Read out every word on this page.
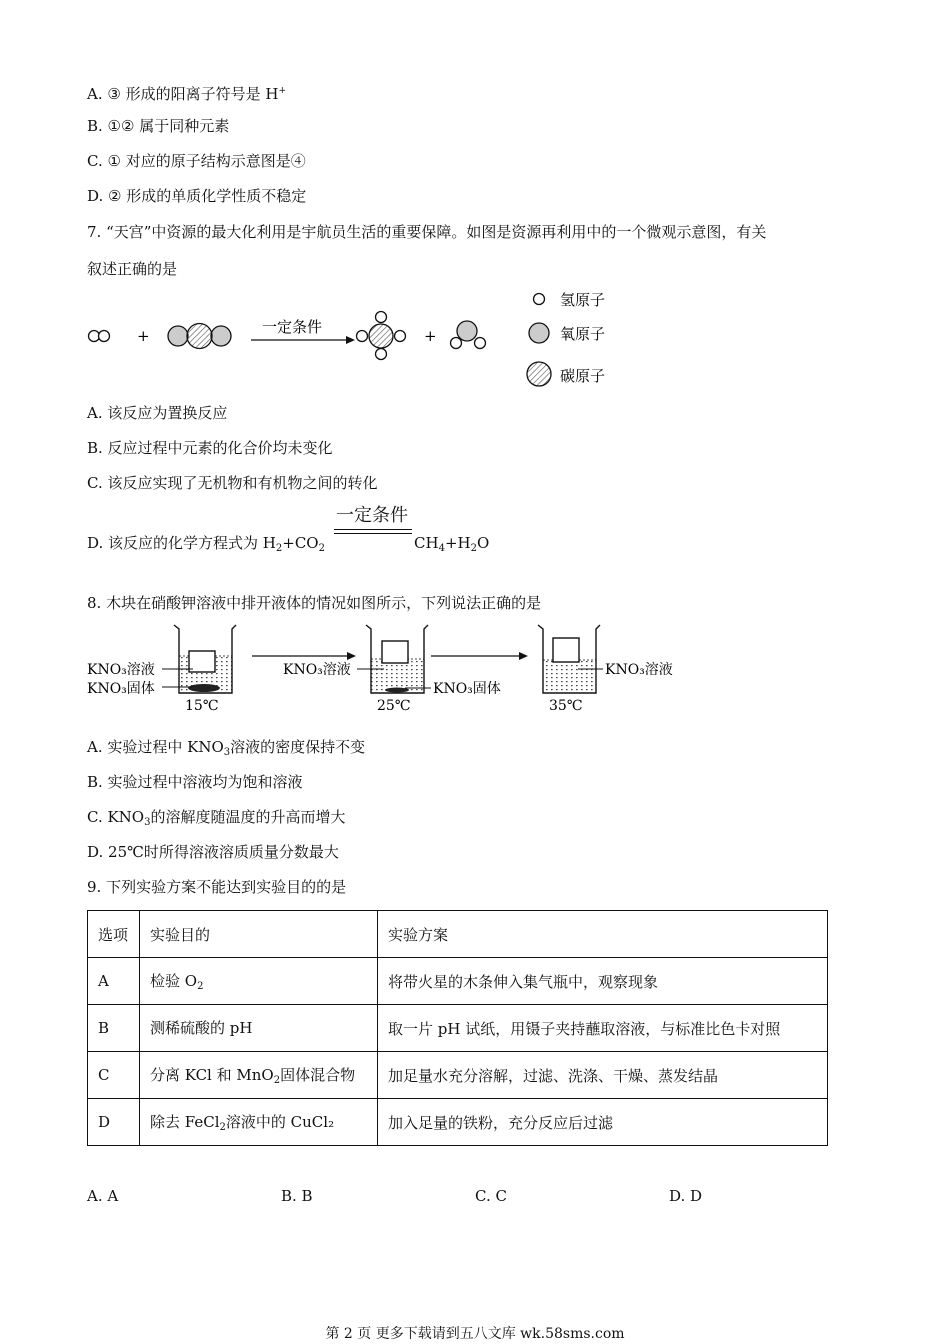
A. ③ 形成的阳离子符号是 H+
B. ①② 属于同种元素
C. ① 对应的原子结构示意图是④
D. ② 形成的单质化学性质不稳定
7. “天宫”中资源的最大化利用是宇航员生活的重要保障。如图是资源再利用中的一个微观示意图，有关
叙述正确的是
+	一定条件	+
氢原子
氧原子
碳原子
A. 该反应为置换反应
B. 反应过程中元素的化合价均未变化
C. 该反应实现了无机物和有机物之间的转化
D. 该反应的化学方程式为 $H_2+CO_2$
一定条件
$CH_4+H_2O$
8. 木块在硝酸钾溶液中排开液体的情况如图所示，下列说法正确的是
15℃
KNO₃溶液
KNO₃固体
25℃
KNO₃溶液
KNO₃固体
35℃
KNO₃溶液
A. 实验过程中 $KNO_3$溶液的密度保持不变
B. 实验过程中溶液均为饱和溶液
C. $KNO_3$的溶解度随温度的升高而增大
D. 25℃时所得溶液溶质质量分数最大
9. 下列实验方案不能达到实验目的的是
选项	实验目的	实验方案
A	检验 $O_2$	将带火星的木条伸入集气瓶中，观察现象
B	测稀硫酸的 pH	取一片 pH 试纸，用镊子夹持蘸取溶液，与标准比色卡对照
C	分离 KCl 和 MnO$_2$固体混合物	加足量水充分溶解，过滤、洗涤、干燥、蒸发结晶
D	除去 FeCl$_2$溶液中的 CuCl₂	加入足量的铁粉，充分反应后过滤
A. A	B. B	C. C	D. D
第 2 页 更多下载请到五八文库 wk.58sms.com
